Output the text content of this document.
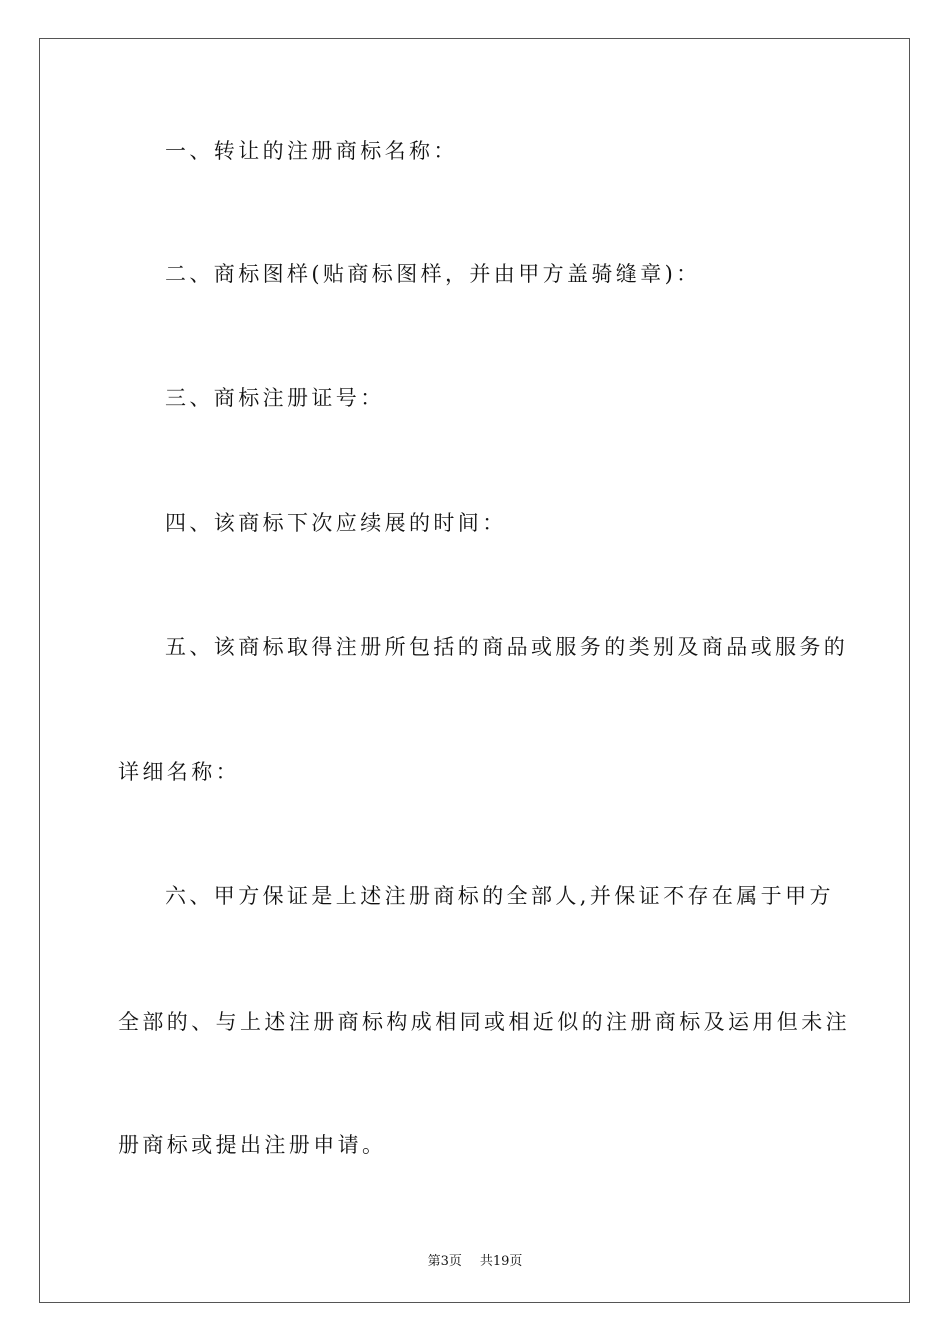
一、转让的注册商标名称：
二、商标图样(贴商标图样，并由甲方盖骑缝章)：
三、商标注册证号：
四、该商标下次应续展的时间：
五、该商标取得注册所包括的商品或服务的类别及商品或服务的
详细名称：
六、甲方保证是上述注册商标的全部人,并保证不存在属于甲方
全部的、与上述注册商标构成相同或相近似的注册商标及运用但未注
册商标或提出注册申请。
第3页 共19页
